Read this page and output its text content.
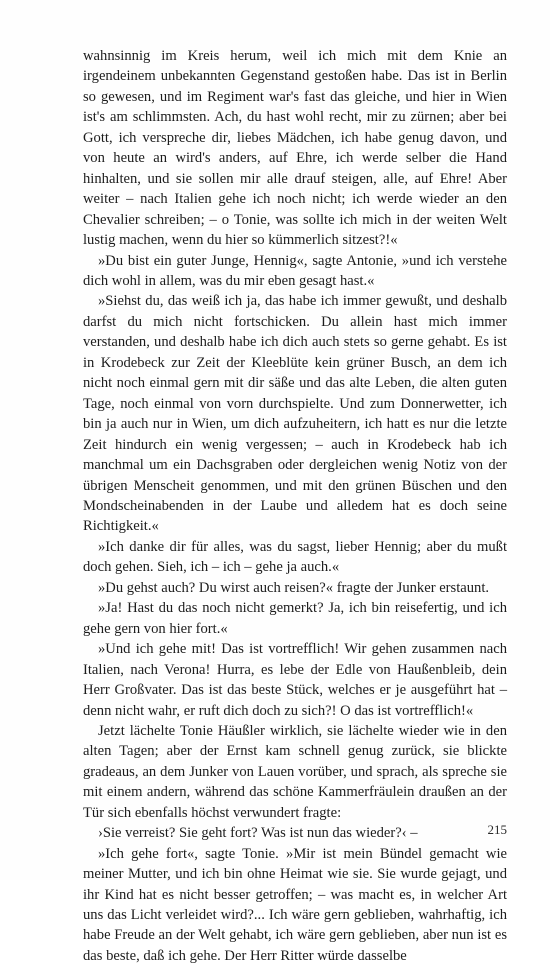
wahnsinnig im Kreis herum, weil ich mich mit dem Knie an irgendeinem unbekannten Gegenstand gestoßen habe. Das ist in Berlin so gewesen, und im Regiment war's fast das gleiche, und hier in Wien ist's am schlimmsten. Ach, du hast wohl recht, mir zu zürnen; aber bei Gott, ich verspreche dir, liebes Mädchen, ich habe genug davon, und von heute an wird's anders, auf Ehre, ich werde selber die Hand hinhalten, und sie sollen mir alle drauf steigen, alle, auf Ehre! Aber weiter – nach Italien gehe ich noch nicht; ich werde wieder an den Chevalier schreiben; – o Tonie, was sollte ich mich in der weiten Welt lustig machen, wenn du hier so kümmerlich sitzest?!«

»Du bist ein guter Junge, Hennig«, sagte Antonie, »und ich verstehe dich wohl in allem, was du mir eben gesagt hast.«

»Siehst du, das weiß ich ja, das habe ich immer gewußt, und deshalb darfst du mich nicht fortschicken. Du allein hast mich immer verstanden, und deshalb habe ich dich auch stets so gerne gehabt. Es ist in Krodebeck zur Zeit der Kleeblüte kein grüner Busch, an dem ich nicht noch einmal gern mit dir säße und das alte Leben, die alten guten Tage, noch einmal von vorn durchspielte. Und zum Donnerwetter, ich bin ja auch nur in Wien, um dich aufzuheitern, ich hatt es nur die letzte Zeit hindurch ein wenig vergessen; – auch in Krodebeck hab ich manchmal um ein Dachsgraben oder dergleichen wenig Notiz von der übrigen Menscheit genommen, und mit den grünen Büschen und den Mondscheinabenden in der Laube und alledem hat es doch seine Richtigkeit.«

»Ich danke dir für alles, was du sagst, lieber Hennig; aber du mußt doch gehen. Sieh, ich – ich – gehe ja auch.«

»Du gehst auch? Du wirst auch reisen?« fragte der Junker erstaunt.

»Ja! Hast du das noch nicht gemerkt? Ja, ich bin reisefertig, und ich gehe gern von hier fort.«

»Und ich gehe mit! Das ist vortrefflich! Wir gehen zusammen nach Italien, nach Verona! Hurra, es lebe der Edle von Haußenbleib, dein Herr Großvater. Das ist das beste Stück, welches er je ausgeführt hat – denn nicht wahr, er ruft dich doch zu sich?! O das ist vortrefflich!«

Jetzt lächelte Tonie Häußler wirklich, sie lächelte wieder wie in den alten Tagen; aber der Ernst kam schnell genug zurück, sie blickte gradeaus, an dem Junker von Lauen vorüber, und sprach, als spreche sie mit einem andern, während das schöne Kammerfräulein draußen an der Tür sich ebenfalls höchst verwundert fragte:

›Sie verreist? Sie geht fort? Was ist nun das wieder?‹ –

»Ich gehe fort«, sagte Tonie. »Mir ist mein Bündel gemacht wie meiner Mutter, und ich bin ohne Heimat wie sie. Sie wurde gejagt, und ihr Kind hat es nicht besser getroffen; – was macht es, in welcher Art uns das Licht verleidet wird?... Ich wäre gern geblieben, wahrhaftig, ich habe Freude an der Welt gehabt, ich wäre gern geblieben, aber nun ist es das beste, daß ich gehe. Der Herr Ritter würde dasselbe

215
